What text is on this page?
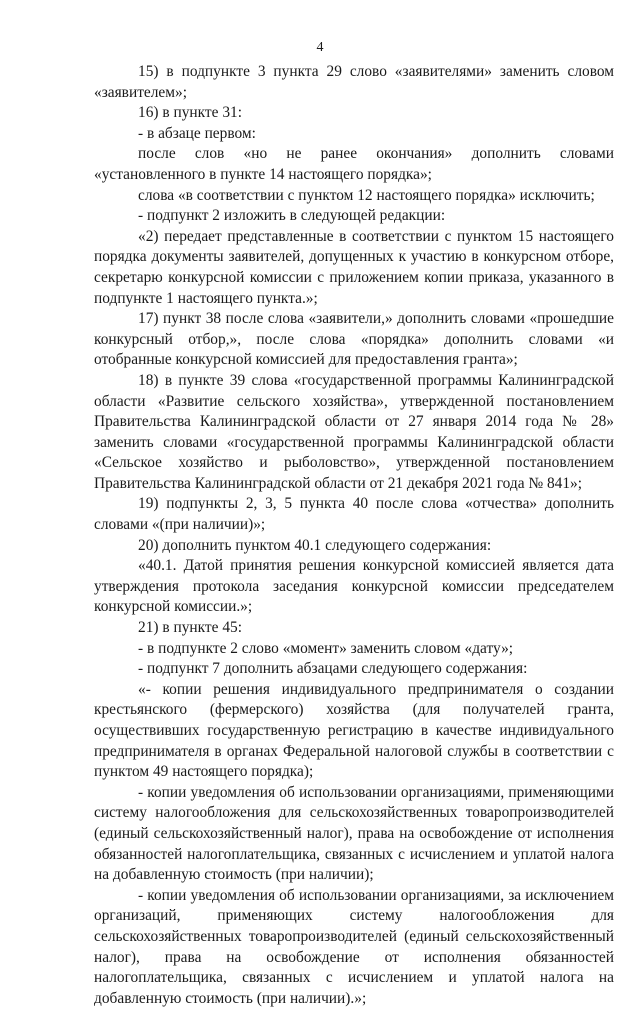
4

15) в подпункте 3 пункта 29 слово «заявителями» заменить словом «заявителем»;

16) в пункте 31:

- в абзаце первом:

после слов «но не ранее окончания» дополнить словами «установленного в пункте 14 настоящего порядка»;

слова «в соответствии с пунктом 12 настоящего порядка» исключить;

- подпункт 2 изложить в следующей редакции:

«2) передает представленные в соответствии с пунктом 15 настоящего порядка документы заявителей, допущенных к участию в конкурсном отборе, секретарю конкурсной комиссии с приложением копии приказа, указанного в подпункте 1 настоящего пункта.»;

17) пункт 38 после слова «заявители,» дополнить словами «прошедшие конкурсный отбор,», после слова «порядка» дополнить словами «и отобранные конкурсной комиссией для предоставления гранта»;

18) в пункте 39 слова «государственной программы Калининградской области «Развитие сельского хозяйства», утвержденной постановлением Правительства Калининградской области от 27 января 2014 года № 28» заменить словами «государственной программы Калининградской области «Сельское хозяйство и рыболовство», утвержденной постановлением Правительства Калининградской области от 21 декабря 2021 года № 841»;

19) подпункты 2, 3, 5 пункта 40 после слова «отчества» дополнить словами «(при наличии)»;

20) дополнить пунктом 40.1 следующего содержания:

«40.1. Датой принятия решения конкурсной комиссией является дата утверждения протокола заседания конкурсной комиссии председателем конкурсной комиссии.»;

21) в пункте 45:

- в подпункте 2 слово «момент» заменить словом «дату»;

- подпункт 7 дополнить абзацами следующего содержания:

«- копии решения индивидуального предпринимателя о создании крестьянского (фермерского) хозяйства (для получателей гранта, осуществивших государственную регистрацию в качестве индивидуального предпринимателя в органах Федеральной налоговой службы в соответствии с пунктом 49 настоящего порядка);

- копии уведомления об использовании организациями, применяющими систему налогообложения для сельскохозяйственных товаропроизводителей (единый сельскохозяйственный налог), права на освобождение от исполнения обязанностей налогоплательщика, связанных с исчислением и уплатой налога на добавленную стоимость (при наличии);

- копии уведомления об использовании организациями, за исключением организаций, применяющих систему налогообложения для сельскохозяйственных товаропроизводителей (единый сельскохозяйственный налог), права на освобождение от исполнения обязанностей налогоплательщика, связанных с исчислением и уплатой налога на добавленную стоимость (при наличии).»;
